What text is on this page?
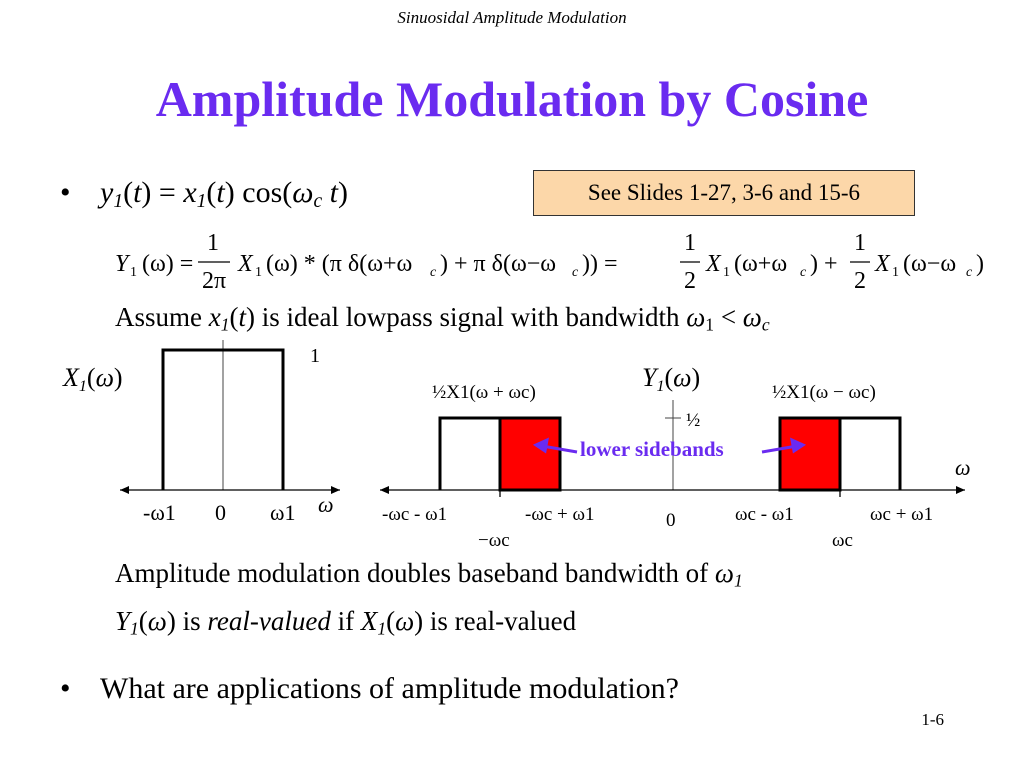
Sinuosidal Amplitude Modulation
Amplitude Modulation by Cosine
• $y_1(t) = x_1(t)$ $\cos(\omega_c$ t)	See Slides 1-27, 3-6 and 15-6
Y 1 (ω) =
1
2π
X 1 (ω) * (π δ(ω+ω c ) + π δ(ω−ω c )) =
1
2
X 1 (ω+ω c ) +
1
2
X 1 (ω−ω c )
Assume $x_1(t)$ is ideal lowpass signal with bandwidth $\omega_1 < \omega_c$
X1(ω)
1
ω
-ω1 0 ω1
Y1(ω)
½X1(ω + ωc)	½X1(ω − ωc)
½
ω
lower sidebands
-ωc - ω1	-ωc + ω1	0	ωc - ω1	ωc + ω1
−ωc	ωc
Amplitude modulation doubles baseband bandwidth of $\omega_1$
$Y_1(\omega)$ is real-valued if $X_1(\omega)$ is real-valued
• What are applications of amplitude modulation?
1-6
